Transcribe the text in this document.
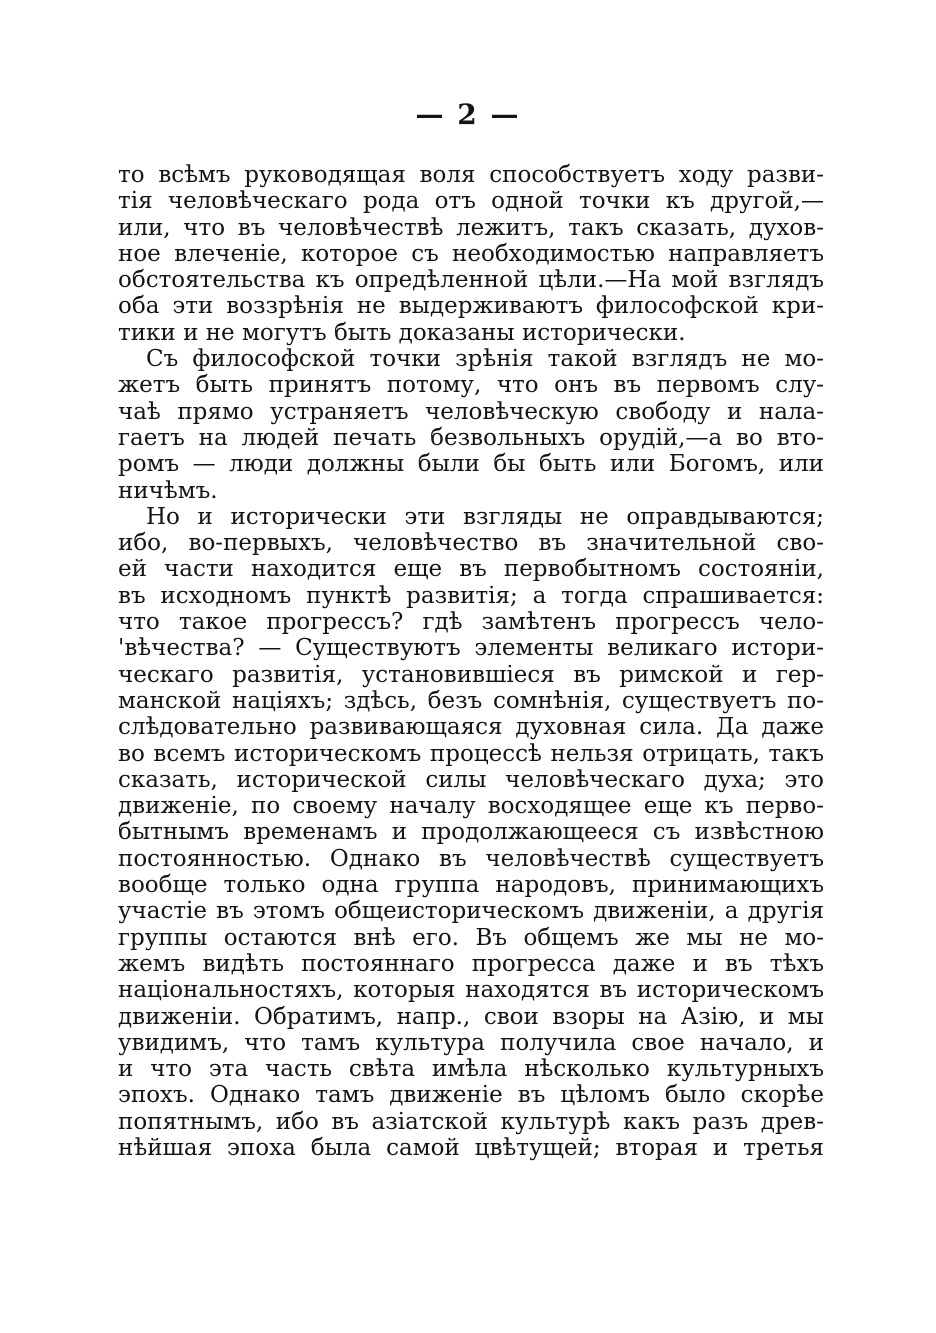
— 2 —
то всѣмъ руководящая воля способствуетъ ходу разви-
тія человѣческаго рода отъ одной точки къ другой,—
или, что въ человѣчествѣ лежитъ, такъ сказать, духов-
ное влеченіе, которое съ необходимостью направляетъ
обстоятельства къ опредѣленной цѣли.—На мой взглядъ
оба эти воззрѣнія не выдерживаютъ философской кри-
тики и не могутъ быть доказаны исторически.
Съ философской точки зрѣнія такой взглядъ не мо-
жетъ быть принятъ потому, что онъ въ первомъ слу-
чаѣ прямо устраняетъ человѣческую свободу и нала-
гаетъ на людей печать безвольныхъ орудій,—а во вто-
ромъ — люди должны были бы быть или Богомъ, или
ничѣмъ.
Но и исторически эти взгляды не оправдываются;
ибо, во-первыхъ, человѣчество въ значительной сво-
ей части находится еще въ первобытномъ состояніи,
въ исходномъ пунктѣ развитія; а тогда спрашивается:
что такое прогрессъ? гдѣ замѣтенъ прогрессъ чело-
'вѣчества? — Существуютъ элементы великаго истори-
ческаго развитія, установившіеся въ римской и гер-
манской націяхъ; здѣсь, безъ сомнѣнія, существуетъ по-
слѣдовательно развивающаяся духовная сила. Да даже
во всемъ историческомъ процессѣ нельзя отрицать, такъ
сказать, исторической силы человѣческаго духа; это
движеніе, по своему началу восходящее еще къ перво-
бытнымъ временамъ и продолжающееся съ извѣстною
постоянностью. Однако въ человѣчествѣ существуетъ
вообще только одна группа народовъ, принимающихъ
участіе въ этомъ общеисторическомъ движеніи, а другія
группы остаются внѣ его. Въ общемъ же мы не мо-
жемъ видѣть постояннаго прогресса даже и въ тѣхъ
національностяхъ, которыя находятся въ историческомъ
движеніи. Обратимъ, напр., свои взоры на Азію, и мы
увидимъ, что тамъ культура получила свое начало, и
и что эта часть свѣта имѣла нѣсколько культурныхъ
эпохъ. Однако тамъ движеніе въ цѣломъ было скорѣе
попятнымъ, ибо въ азіатской культурѣ какъ разъ древ-
нѣйшая эпоха была самой цвѣтущей; вторая и третья
